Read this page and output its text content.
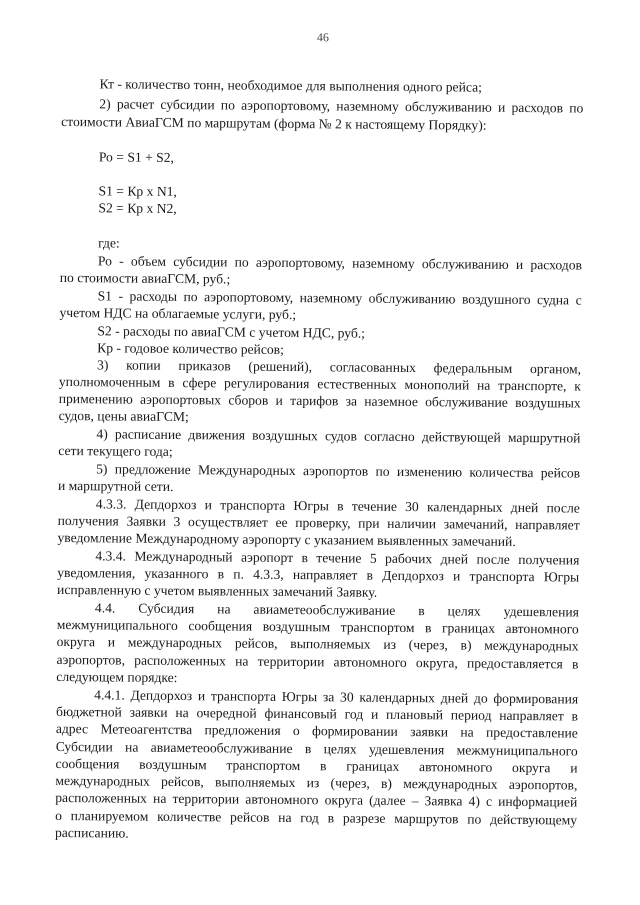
46
Кт - количество тонн, необходимое для выполнения одного рейса;
2) расчет субсидии по аэропортовому, наземному обслуживанию и расходов по
стоимости АвиаГСМ по маршрутам (форма № 2 к настоящему Порядку):
Ро = S1 + S2,
S1 = Кр x N1,
S2 = Кр x N2,
где:
Ро - объем субсидии по аэропортовому, наземному обслуживанию и расходов
по стоимости авиаГСМ, руб.;
S1 - расходы по аэропортовому, наземному обслуживанию воздушного судна с
учетом НДС на облагаемые услуги, руб.;
S2 - расходы по авиаГСМ с учетом НДС, руб.;
Кр - годовое количество рейсов;
3) копии приказов (решений), согласованных федеральным органом,
уполномоченным в сфере регулирования естественных монополий на транспорте, к
применению аэропортовых сборов и тарифов за наземное обслуживание воздушных
судов, цены авиаГСМ;
4) расписание движения воздушных судов согласно действующей маршрутной
сети текущего года;
5) предложение Международных аэропортов по изменению количества рейсов
и маршрутной сети.
4.3.3. Депдорхоз и транспорта Югры в течение 30 календарных дней после
получения Заявки 3 осуществляет ее проверку, при наличии замечаний, направляет
уведомление Международному аэропорту с указанием выявленных замечаний.
4.3.4. Международный аэропорт в течение 5 рабочих дней после получения
уведомления, указанного в п. 4.3.3, направляет в Депдорхоз и транспорта Югры
исправленную с учетом выявленных замечаний Заявку.
4.4. Субсидия на авиаметеообслуживание в целях удешевления
межмуниципального сообщения воздушным транспортом в границах автономного
округа и международных рейсов, выполняемых из (через, в) международных
аэропортов, расположенных на территории автономного округа, предоставляется в
следующем порядке:
4.4.1. Депдорхоз и транспорта Югры за 30 календарных дней до формирования
бюджетной заявки на очередной финансовый год и плановый период направляет в
адрес Метеоагентства предложения о формировании заявки на предоставление
Субсидии на авиаметеообслуживание в целях удешевления межмуниципального
сообщения воздушным транспортом в границах автономного округа и
международных рейсов, выполняемых из (через, в) международных аэропортов,
расположенных на территории автономного округа (далее – Заявка 4) с информацией
о планируемом количестве рейсов на год в разрезе маршрутов по действующему
расписанию.
